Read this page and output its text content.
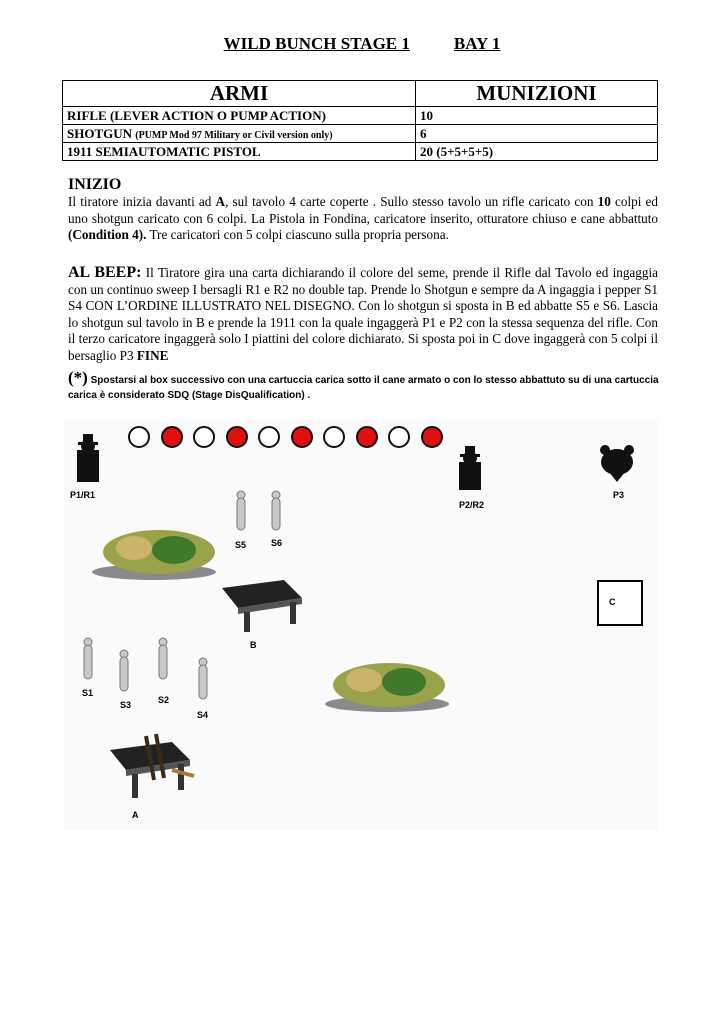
WILD BUNCH STAGE 1	BAY 1
ARMI	MUNIZIONI
RIFLE (LEVER ACTION O PUMP ACTION)	10
SHOTGUN (PUMP Mod 97 Military or Civil version only)	6
1911 SEMIAUTOMATIC PISTOL	20 (5+5+5+5)
INIZIO
Il tiratore inizia davanti ad A, sul tavolo 4 carte coperte . Sullo stesso tavolo un rifle caricato con 10 colpi ed uno shotgun caricato con 6 colpi. La Pistola in Fondina, caricatore inserito, otturatore chiuso e cane abbattuto (Condition 4). Tre caricatori con 5 colpi ciascuno sulla propria persona.
AL BEEP: Il Tiratore gira una carta dichiarando il colore del seme, prende il Rifle dal Tavolo ed ingaggia con un continuo sweep I bersagli R1 e R2 no double tap. Prende lo Shotgun e sempre da A ingaggia i pepper S1 S4 CON L’ORDINE ILLUSTRATO NEL DISEGNO. Con lo shotgun si sposta in B ed abbatte S5 e S6. Lascia lo shotgun sul tavolo in B e prende la 1911 con la quale ingaggerà P1 e P2 con la stessa sequenza del rifle. Con il terzo caricatore ingaggerà solo I piattini del colore dichiarato. Si sposta poi in C dove ingaggerà con 5 colpi il bersaglio P3 FINE
(*) Spostarsi al box successivo con una cartuccia carica sotto il cane armato o con lo stesso abbattuto su di una cartuccia carica è considerato SDQ (Stage DisQualification) .
P1/R1
P2/R2
P3
S5	S6
B
C
S1
S3	S2
S4
A
